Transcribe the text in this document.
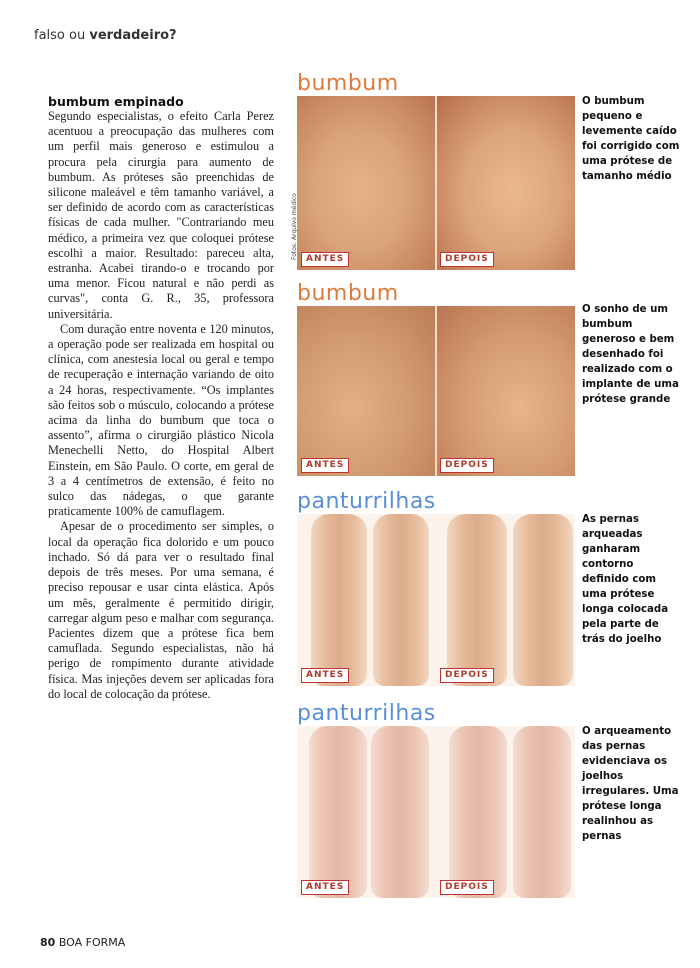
falso ou verdadeiro?
bumbum empinado

Segundo especialistas, o efeito Carla Perez acentuou a preocupação das mulheres com um perfil mais generoso e estimulou a procura pela cirurgia para aumento de bumbum. As próteses são preenchidas de silicone maleável e têm tamanho variável, a ser definido de acordo com as características físicas de cada mulher. "Contrariando meu médico, a primeira vez que coloquei prótese escolhi a maior. Resultado: pareceu alta, estranha. Acabei tirando-o e trocando por uma menor. Ficou natural e não perdi as curvas", conta G. R., 35, professora universitária.

Com duração entre noventa e 120 minutos, a operação pode ser realizada em hospital ou clínica, com anestesia local ou geral e tempo de recuperação e internação variando de oito a 24 horas, respectivamente. “Os implantes são feitos sob o músculo, colocando a prótese acima da linha do bumbum que toca o assento”, afirma o cirurgião plástico Nicola Menechelli Netto, do Hospital Albert Einstein, em São Paulo. O corte, em geral de 3 a 4 centímetros de extensão, é feito no sulco das nádegas, o que garante praticamente 100% de camuflagem.

Apesar de o procedimento ser simples, o local da operação fica dolorido e um pouco inchado. Só dá para ver o resultado final depois de três meses. Por uma semana, é preciso repousar e usar cinta elástica. Após um mês, geralmente é permitido dirigir, carregar algum peso e malhar com segurança. Pacientes dizem que a prótese fica bem camuflada. Segundo especialistas, não há perigo de rompimento durante atividade física. Mas injeções devem ser aplicadas fora do local de colocação da prótese.

bumbum
ANTES	DEPOIS
O bumbum pequeno e levemente caído foi corrigido com uma prótese de tamanho médio
Fotos: Arquivo médico
bumbum
ANTES	DEPOIS
O sonho de um bumbum generoso e bem desenhado foi realizado com o implante de uma prótese grande
panturrilhas
ANTES	DEPOIS
As pernas arqueadas ganharam contorno definido com uma prótese longa colocada pela parte de trás do joelho
panturrilhas
ANTES	DEPOIS
O arqueamento das pernas evidenciava os joelhos irregulares. Uma prótese longa realinhou as pernas
80 BOA FORMA
